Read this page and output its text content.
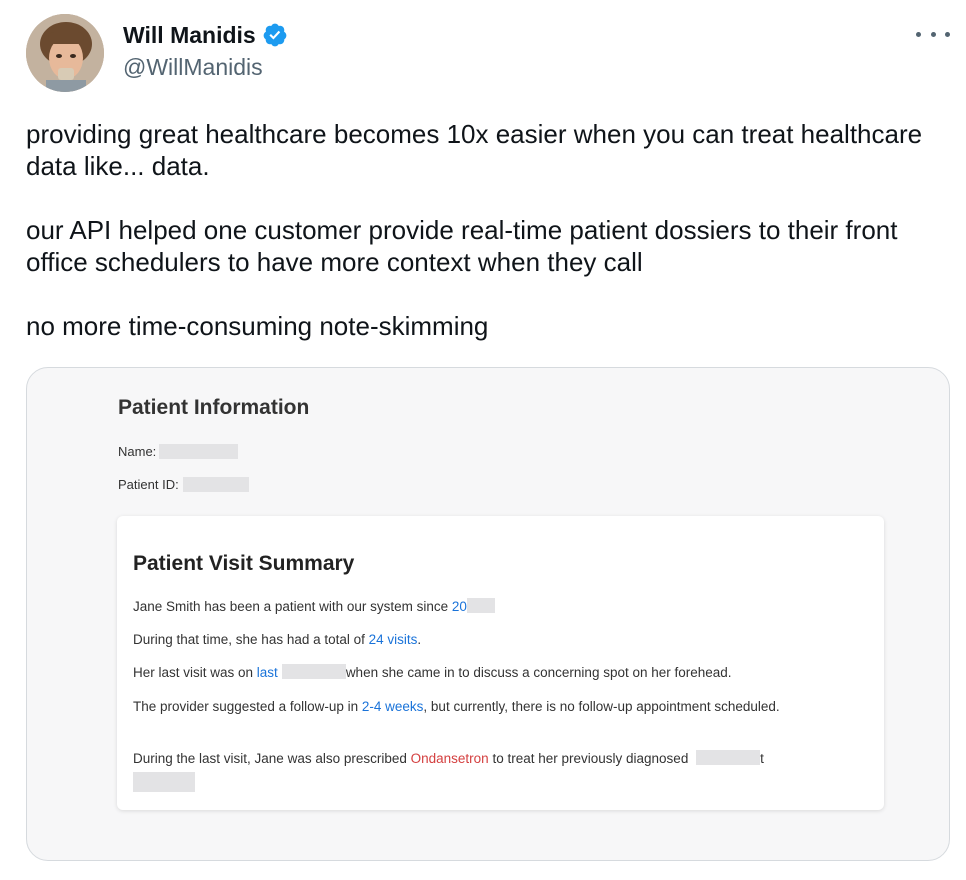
Will Manidis
@WillManidis

providing great healthcare becomes 10x easier when you can treat healthcare data like... data.

our API helped one customer provide real-time patient dossiers to their front office schedulers to have more context when they call

no more time-consuming note-skimming

Patient Information
Name:
Patient ID:
Patient Visit Summary
Jane Smith has been a patient with our system since 20
During that time, she has had a total of 24 visits.
Her last visit was on last	when she came in to discuss a concerning spot on her forehead.
The provider suggested a follow-up in 2-4 weeks, but currently, there is no follow-up appointment scheduled.
During the last visit, Jane was also prescribed Ondansetron to treat her previously diagnosed	t
